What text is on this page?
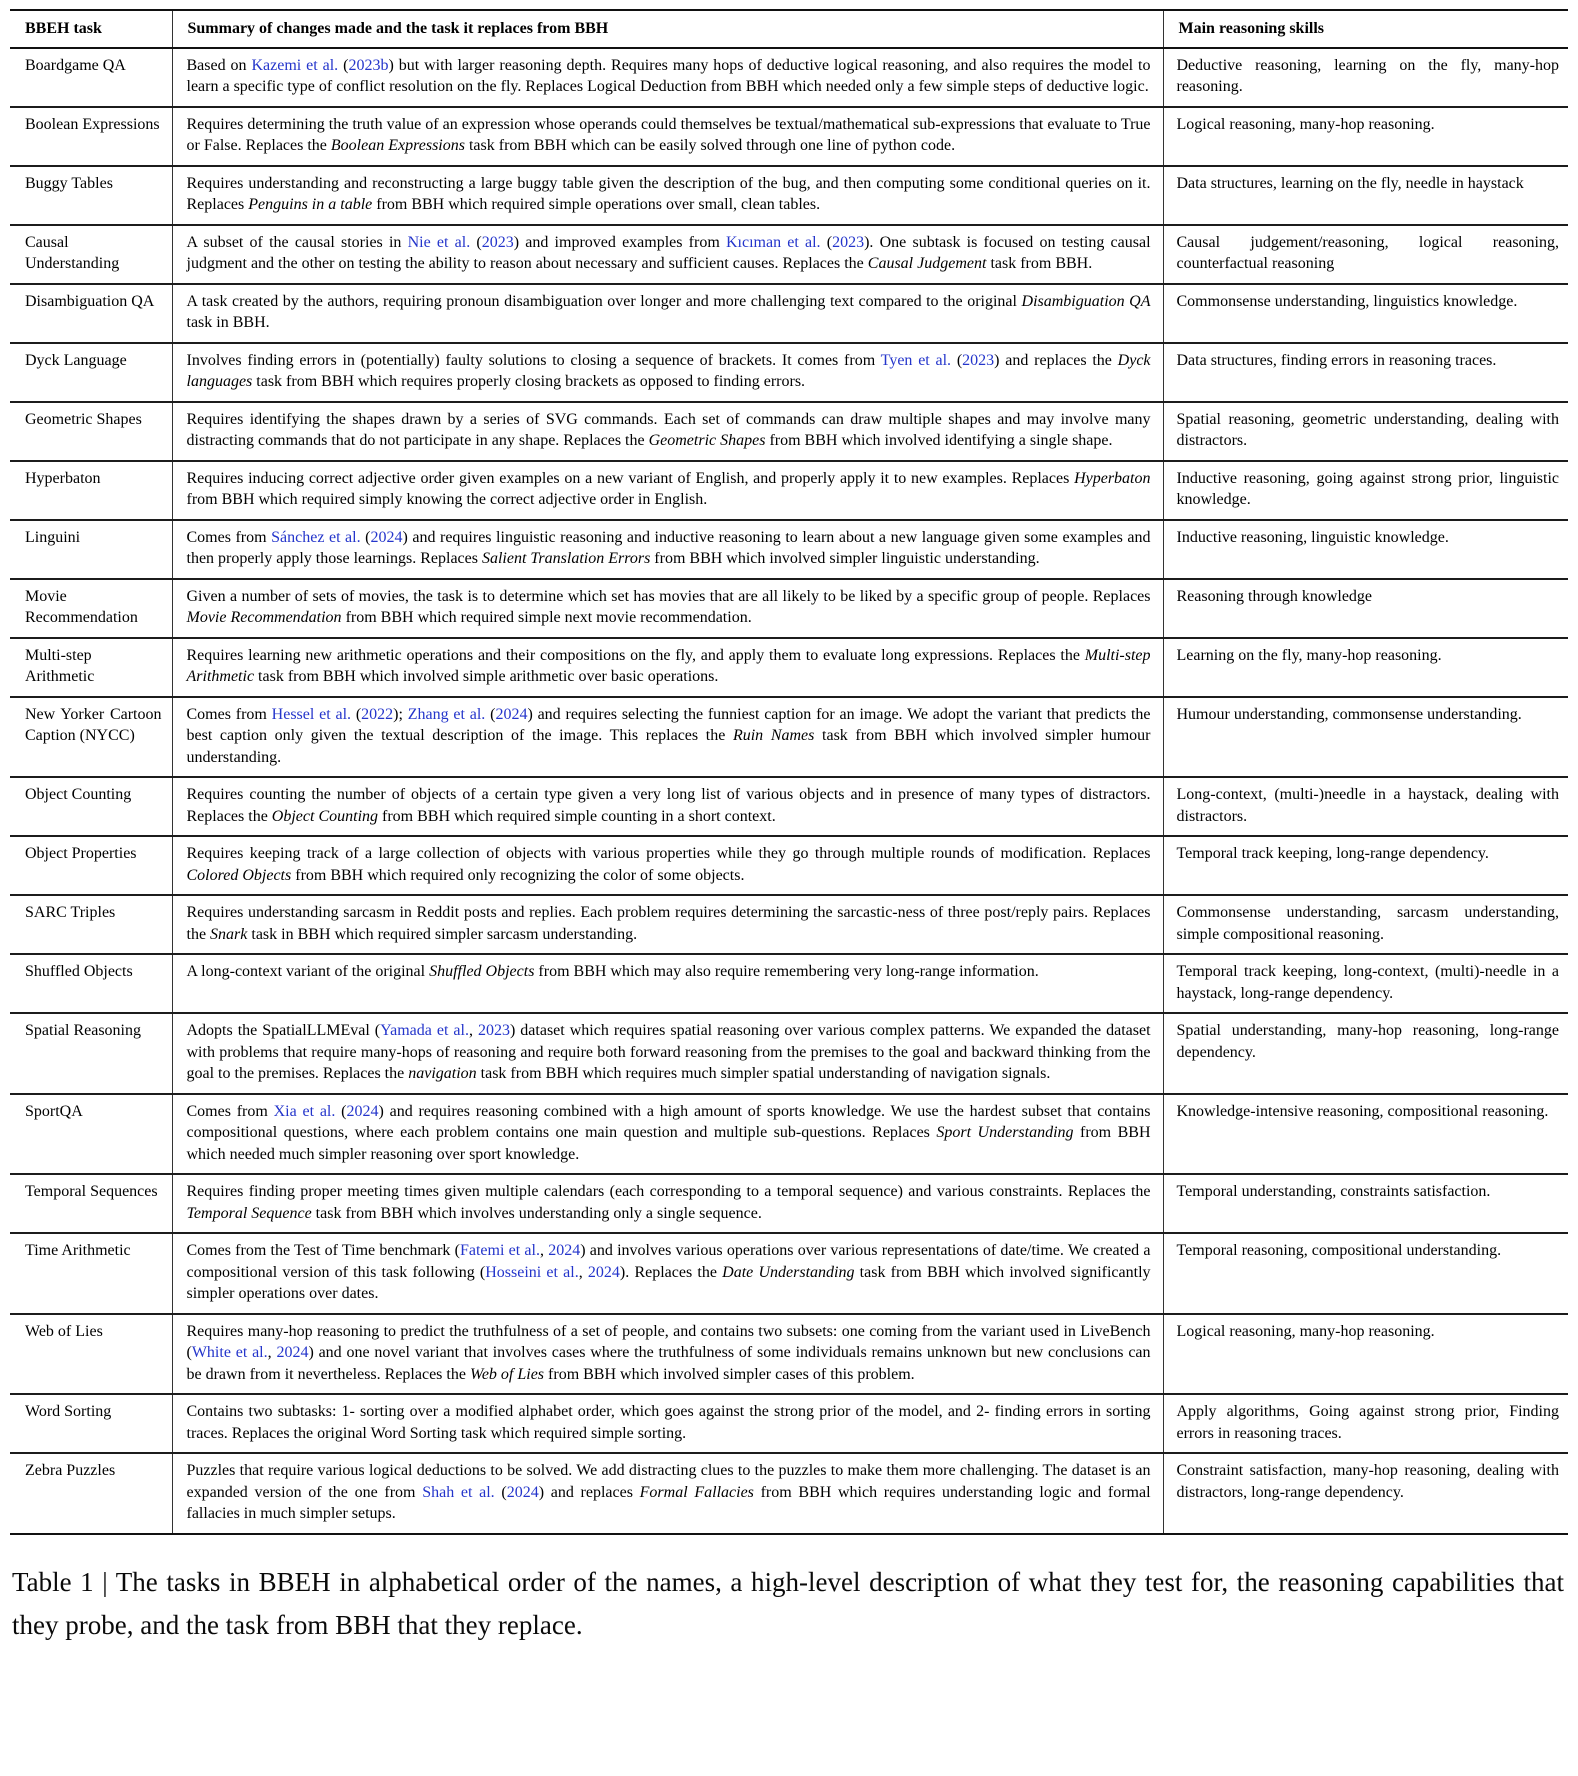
BBEH task	Summary of changes made and the task it replaces from BBH	Main reasoning skills
Boardgame QA	Based on Kazemi et al. (2023b) but with larger reasoning depth. Requires many hops of deductive logical reasoning, and also requires the model to learn a specific type of conflict resolution on the fly. Replaces Logical Deduction from BBH which needed only a few simple steps of deductive logic.	Deductive reasoning, learning on the fly, many-hop reasoning.
Boolean Expressions	Requires determining the truth value of an expression whose operands could themselves be textual/mathematical sub-expressions that evaluate to True or False. Replaces the Boolean Expressions task from BBH which can be easily solved through one line of python code.	Logical reasoning, many-hop reasoning.
Buggy Tables	Requires understanding and reconstructing a large buggy table given the description of the bug, and then computing some conditional queries on it. Replaces Penguins in a table from BBH which required simple operations over small, clean tables.	Data structures, learning on the fly, needle in haystack
Causal Understanding	A subset of the causal stories in Nie et al. (2023) and improved examples from Kıcıman et al. (2023). One subtask is focused on testing causal judgment and the other on testing the ability to reason about necessary and sufficient causes. Replaces the Causal Judgement task from BBH.	Causal judgement/reasoning, logical reasoning, counterfactual reasoning
Disambiguation QA	A task created by the authors, requiring pronoun disambiguation over longer and more challenging text compared to the original Disambiguation QA task in BBH.	Commonsense understanding, linguistics knowledge.
Dyck Language	Involves finding errors in (potentially) faulty solutions to closing a sequence of brackets. It comes from Tyen et al. (2023) and replaces the Dyck languages task from BBH which requires properly closing brackets as opposed to finding errors.	Data structures, finding errors in reasoning traces.
Geometric Shapes	Requires identifying the shapes drawn by a series of SVG commands. Each set of commands can draw multiple shapes and may involve many distracting commands that do not participate in any shape. Replaces the Geometric Shapes from BBH which involved identifying a single shape.	Spatial reasoning, geometric understanding, dealing with distractors.
Hyperbaton	Requires inducing correct adjective order given examples on a new variant of English, and properly apply it to new examples. Replaces Hyperbaton from BBH which required simply knowing the correct adjective order in English.	Inductive reasoning, going against strong prior, linguistic knowledge.
Linguini	Comes from Sánchez et al. (2024) and requires linguistic reasoning and inductive reasoning to learn about a new language given some examples and then properly apply those learnings. Replaces Salient Translation Errors from BBH which involved simpler linguistic understanding.	Inductive reasoning, linguistic knowledge.
Movie Recommendation	Given a number of sets of movies, the task is to determine which set has movies that are all likely to be liked by a specific group of people. Replaces Movie Recommendation from BBH which required simple next movie recommendation.	Reasoning through knowledge
Multi-step Arithmetic	Requires learning new arithmetic operations and their compositions on the fly, and apply them to evaluate long expressions. Replaces the Multi-step Arithmetic task from BBH which involved simple arithmetic over basic operations.	Learning on the fly, many-hop reasoning.
New Yorker Cartoon Caption (NYCC)	Comes from Hessel et al. (2022); Zhang et al. (2024) and requires selecting the funniest caption for an image. We adopt the variant that predicts the best caption only given the textual description of the image. This replaces the Ruin Names task from BBH which involved simpler humour understanding.	Humour understanding, commonsense understanding.
Object Counting	Requires counting the number of objects of a certain type given a very long list of various objects and in presence of many types of distractors. Replaces the Object Counting from BBH which required simple counting in a short context.	Long-context, (multi-)needle in a haystack, dealing with distractors.
Object Properties	Requires keeping track of a large collection of objects with various properties while they go through multiple rounds of modification. Replaces Colored Objects from BBH which required only recognizing the color of some objects.	Temporal track keeping, long-range dependency.
SARC Triples	Requires understanding sarcasm in Reddit posts and replies. Each problem requires determining the sarcastic-ness of three post/reply pairs. Replaces the Snark task in BBH which required simpler sarcasm understanding.	Commonsense understanding, sarcasm understanding, simple compositional reasoning.
Shuffled Objects	A long-context variant of the original Shuffled Objects from BBH which may also require remembering very long-range information.	Temporal track keeping, long-context, (multi)-needle in a haystack, long-range dependency.
Spatial Reasoning	Adopts the SpatialLLMEval (Yamada et al., 2023) dataset which requires spatial reasoning over various complex patterns. We expanded the dataset with problems that require many-hops of reasoning and require both forward reasoning from the premises to the goal and backward thinking from the goal to the premises. Replaces the navigation task from BBH which requires much simpler spatial understanding of navigation signals.	Spatial understanding, many-hop reasoning, long-range dependency.
SportQA	Comes from Xia et al. (2024) and requires reasoning combined with a high amount of sports knowledge. We use the hardest subset that contains compositional questions, where each problem contains one main question and multiple sub-questions. Replaces Sport Understanding from BBH which needed much simpler reasoning over sport knowledge.	Knowledge-intensive reasoning, compositional reasoning.
Temporal Sequences	Requires finding proper meeting times given multiple calendars (each corresponding to a temporal sequence) and various constraints. Replaces the Temporal Sequence task from BBH which involves understanding only a single sequence.	Temporal understanding, constraints satisfaction.
Time Arithmetic	Comes from the Test of Time benchmark (Fatemi et al., 2024) and involves various operations over various representations of date/time. We created a compositional version of this task following (Hosseini et al., 2024). Replaces the Date Understanding task from BBH which involved significantly simpler operations over dates.	Temporal reasoning, compositional understanding.
Web of Lies	Requires many-hop reasoning to predict the truthfulness of a set of people, and contains two subsets: one coming from the variant used in LiveBench (White et al., 2024) and one novel variant that involves cases where the truthfulness of some individuals remains unknown but new conclusions can be drawn from it nevertheless. Replaces the Web of Lies from BBH which involved simpler cases of this problem.	Logical reasoning, many-hop reasoning.
Word Sorting	Contains two subtasks: 1- sorting over a modified alphabet order, which goes against the strong prior of the model, and 2- finding errors in sorting traces. Replaces the original Word Sorting task which required simple sorting.	Apply algorithms, Going against strong prior, Finding errors in reasoning traces.
Zebra Puzzles	Puzzles that require various logical deductions to be solved. We add distracting clues to the puzzles to make them more challenging. The dataset is an expanded version of the one from Shah et al. (2024) and replaces Formal Fallacies from BBH which requires understanding logic and formal fallacies in much simpler setups.	Constraint satisfaction, many-hop reasoning, dealing with distractors, long-range dependency.

Table 1 | The tasks in BBEH in alphabetical order of the names, a high-level description of what they test for, the reasoning capabilities that they probe, and the task from BBH that they replace.
